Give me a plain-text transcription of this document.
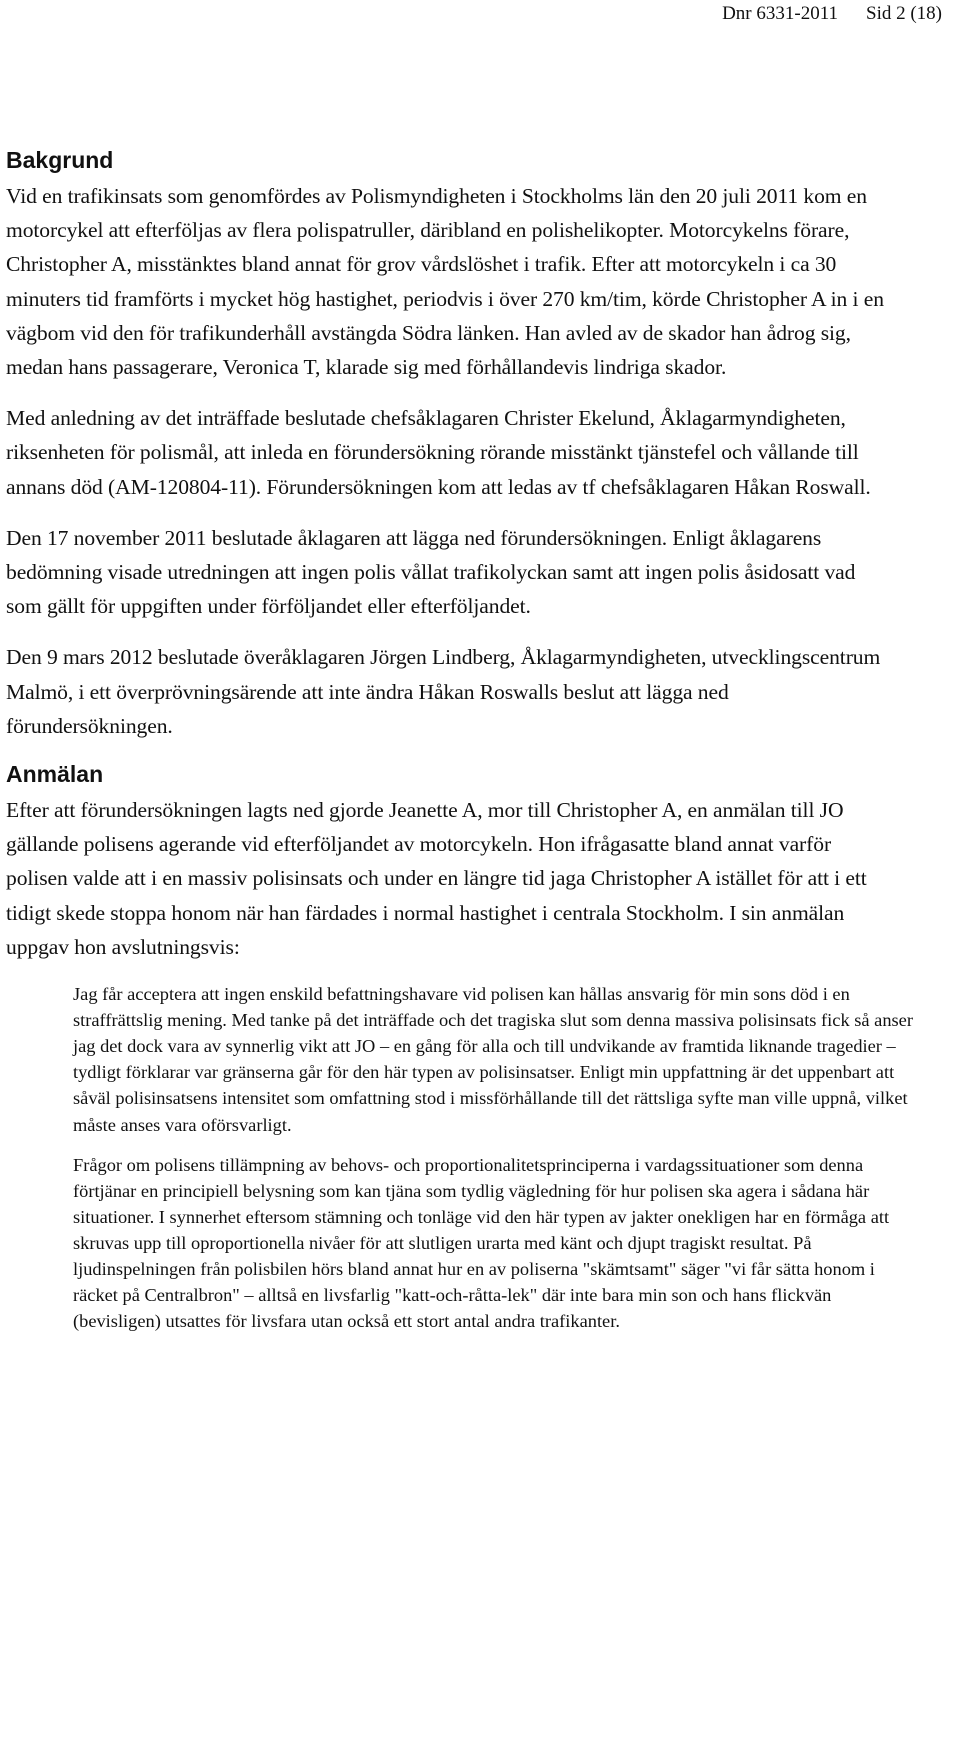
Dnr 6331-2011 Sid 2 (18)
Bakgrund

Vid en trafikinsats som genomfördes av Polismyndigheten i Stockholms län den 20 juli 2011 kom en motorcykel att efterföljas av flera polispatruller, däribland en polishelikopter. Motorcykelns förare, Christopher A, misstänktes bland annat för grov vårdslöshet i trafik. Efter att motorcykeln i ca 30 minuters tid framförts i mycket hög hastighet, periodvis i över 270 km/tim, körde Christopher A in i en vägbom vid den för trafikunderhåll avstängda Södra länken. Han avled av de skador han ådrog sig, medan hans passagerare, Veronica T, klarade sig med förhållandevis lindriga skador.

Med anledning av det inträffade beslutade chefsåklagaren Christer Ekelund, Åklagarmyndigheten, riksenheten för polismål, att inleda en förundersökning rörande misstänkt tjänstefel och vållande till annans död (AM-120804-11). Förundersökningen kom att ledas av tf chefsåklagaren Håkan Roswall.

Den 17 november 2011 beslutade åklagaren att lägga ned förundersökningen. Enligt åklagarens bedömning visade utredningen att ingen polis vållat trafikolyckan samt att ingen polis åsidosatt vad som gällt för uppgiften under förföljandet eller efterföljandet.

Den 9 mars 2012 beslutade överåklagaren Jörgen Lindberg, Åklagarmyndigheten, utvecklingscentrum Malmö, i ett överprövningsärende att inte ändra Håkan Roswalls beslut att lägga ned förundersökningen.

Anmälan

Efter att förundersökningen lagts ned gjorde Jeanette A, mor till Christopher A, en anmälan till JO gällande polisens agerande vid efterföljandet av motorcykeln. Hon ifrågasatte bland annat varför polisen valde att i en massiv polisinsats och under en längre tid jaga Christopher A istället för att i ett tidigt skede stoppa honom när han färdades i normal hastighet i centrala Stockholm. I sin anmälan uppgav hon avslutningsvis:

Jag får acceptera att ingen enskild befattningshavare vid polisen kan hållas ansvarig för min sons död i en straffrättslig mening. Med tanke på det inträffade och det tragiska slut som denna massiva polisinsats fick så anser jag det dock vara av synnerlig vikt att JO – en gång för alla och till undvikande av framtida liknande tragedier – tydligt förklarar var gränserna går för den här typen av polisinsatser. Enligt min uppfattning är det uppenbart att såväl polisinsatsens intensitet som omfattning stod i missförhållande till det rättsliga syfte man ville uppnå, vilket måste anses vara oförsvarligt.

Frågor om polisens tillämpning av behovs- och proportionalitetsprinciperna i vardagssituationer som denna förtjänar en principiell belysning som kan tjäna som tydlig vägledning för hur polisen ska agera i sådana här situationer. I synnerhet eftersom stämning och tonläge vid den här typen av jakter onekligen har en förmåga att skruvas upp till oproportionella nivåer för att slutligen urarta med känt och djupt tragiskt resultat. På ljudinspelningen från polisbilen hörs bland annat hur en av poliserna "skämtsamt" säger "vi får sätta honom i räcket på Centralbron" – alltså en livsfarlig "katt-och-råtta-lek" där inte bara min son och hans flickvän (bevisligen) utsattes för livsfara utan också ett stort antal andra trafikanter.
